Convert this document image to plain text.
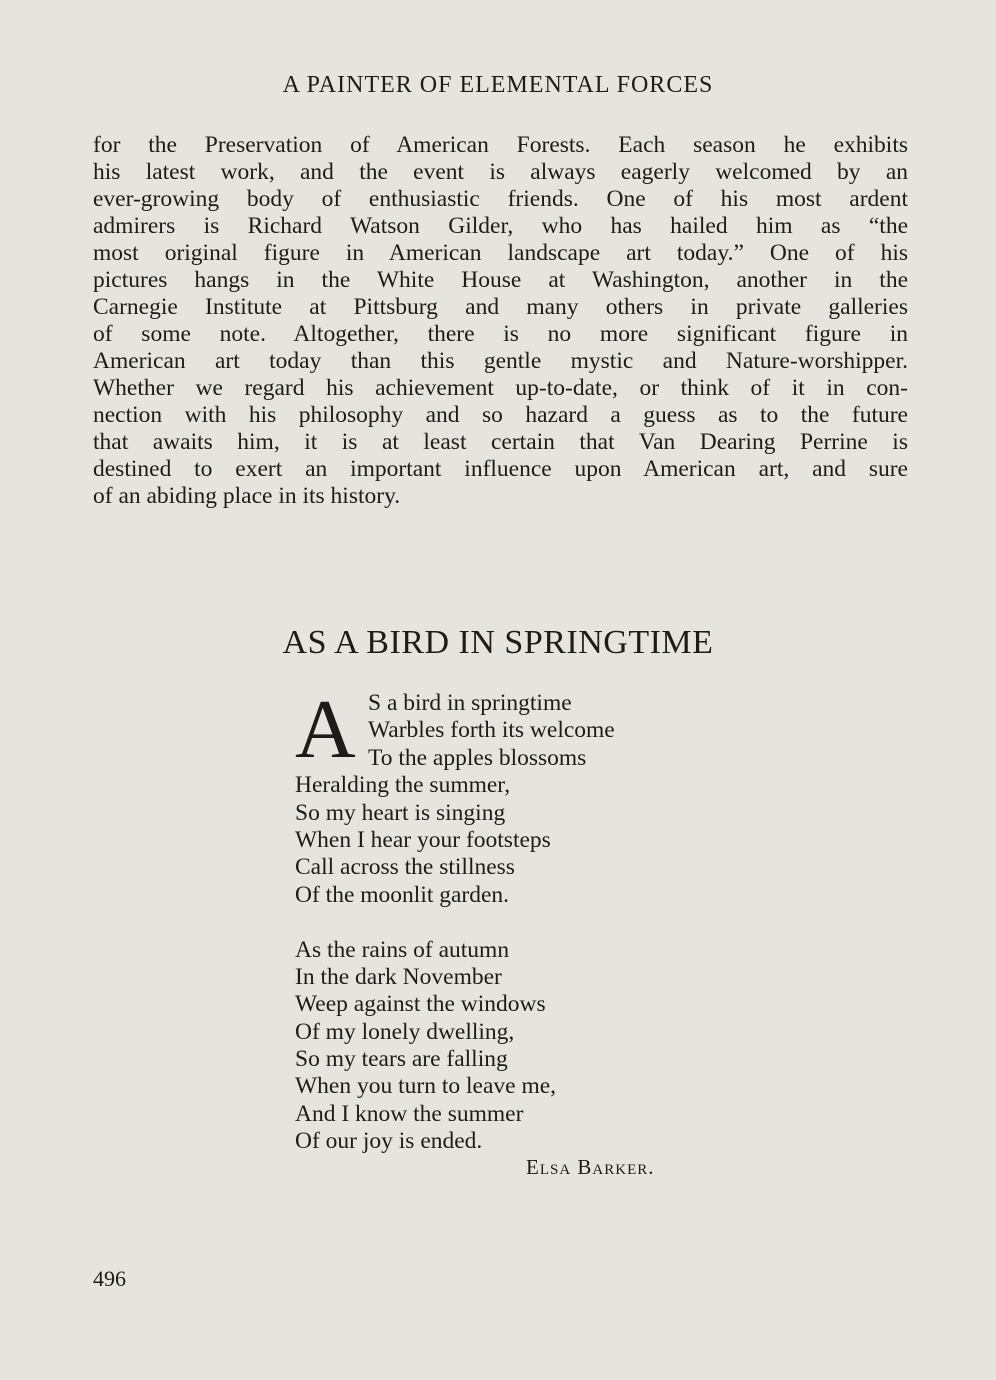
A PAINTER OF ELEMENTAL FORCES
for the Preservation of American Forests. Each season he exhibits
his latest work, and the event is always eagerly welcomed by an
ever-growing body of enthusiastic friends. One of his most ardent
admirers is Richard Watson Gilder, who has hailed him as “the
most original figure in American landscape art today.” One of his
pictures hangs in the White House at Washington, another in the
Carnegie Institute at Pittsburg and many others in private galleries
of some note. Altogether, there is no more significant figure in
American art today than this gentle mystic and Nature-worshipper.
Whether we regard his achievement up-to-date, or think of it in con-
nection with his philosophy and so hazard a guess as to the future
that awaits him, it is at least certain that Van Dearing Perrine is
destined to exert an important influence upon American art, and sure
of an abiding place in its history.
AS A BIRD IN SPRINGTIME
A S a bird in springtime
Warbles forth its welcome
To the apples blossoms
Heralding the summer,
So my heart is singing
When I hear your footsteps
Call across the stillness
Of the moonlit garden.
As the rains of autumn
In the dark November
Weep against the windows
Of my lonely dwelling,
So my tears are falling
When you turn to leave me,
And I know the summer
Of our joy is ended.
Elsa Barker.
496
